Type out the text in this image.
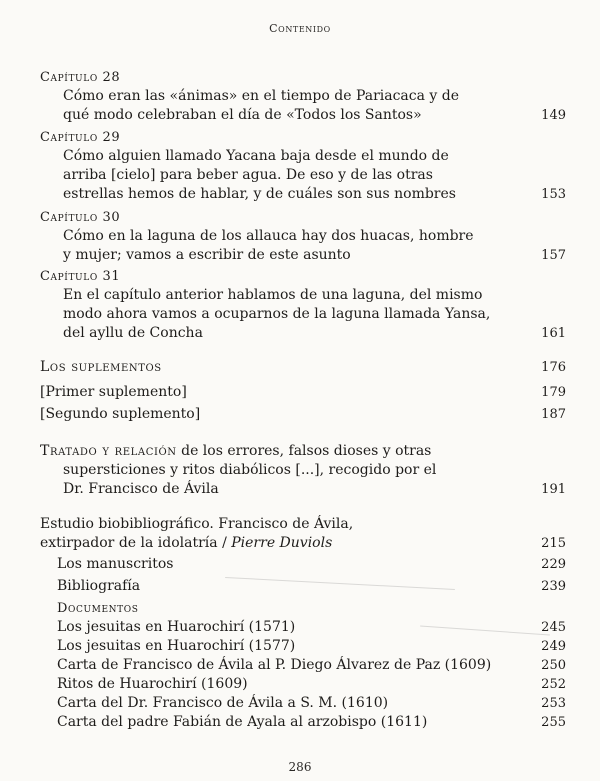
Contenido
Capítulo 28
Cómo eran las «ánimas» en el tiempo de Pariacaca y de
qué modo celebraban el día de «Todos los Santos»	149
Capítulo 29
Cómo alguien llamado Yacana baja desde el mundo de
arriba [cielo] para beber agua. De eso y de las otras
estrellas hemos de hablar, y de cuáles son sus nombres	153
Capítulo 30
Cómo en la laguna de los allauca hay dos huacas, hombre
y mujer; vamos a escribir de este asunto	157
Capítulo 31
En el capítulo anterior hablamos de una laguna, del mismo
modo ahora vamos a ocuparnos de la laguna llamada Yansa,
del ayllu de Concha	161
Los suplementos	176
[Primer suplemento]	179
[Segundo suplemento]	187
Tratado y relación de los errores, falsos dioses y otras
supersticiones y ritos diabólicos [...], recogido por el
Dr. Francisco de Ávila	191
Estudio biobibliográfico. Francisco de Ávila,
extirpador de la idolatría / Pierre Duviols	215
Los manuscritos	229
Bibliografía	239
Documentos
Los jesuitas en Huarochirí (1571)	245
Los jesuitas en Huarochirí (1577)	249
Carta de Francisco de Ávila al P. Diego Álvarez de Paz (1609)	250
Ritos de Huarochirí (1609)	252
Carta del Dr. Francisco de Ávila a S. M. (1610)	253
Carta del padre Fabián de Ayala al arzobispo (1611)	255
286
